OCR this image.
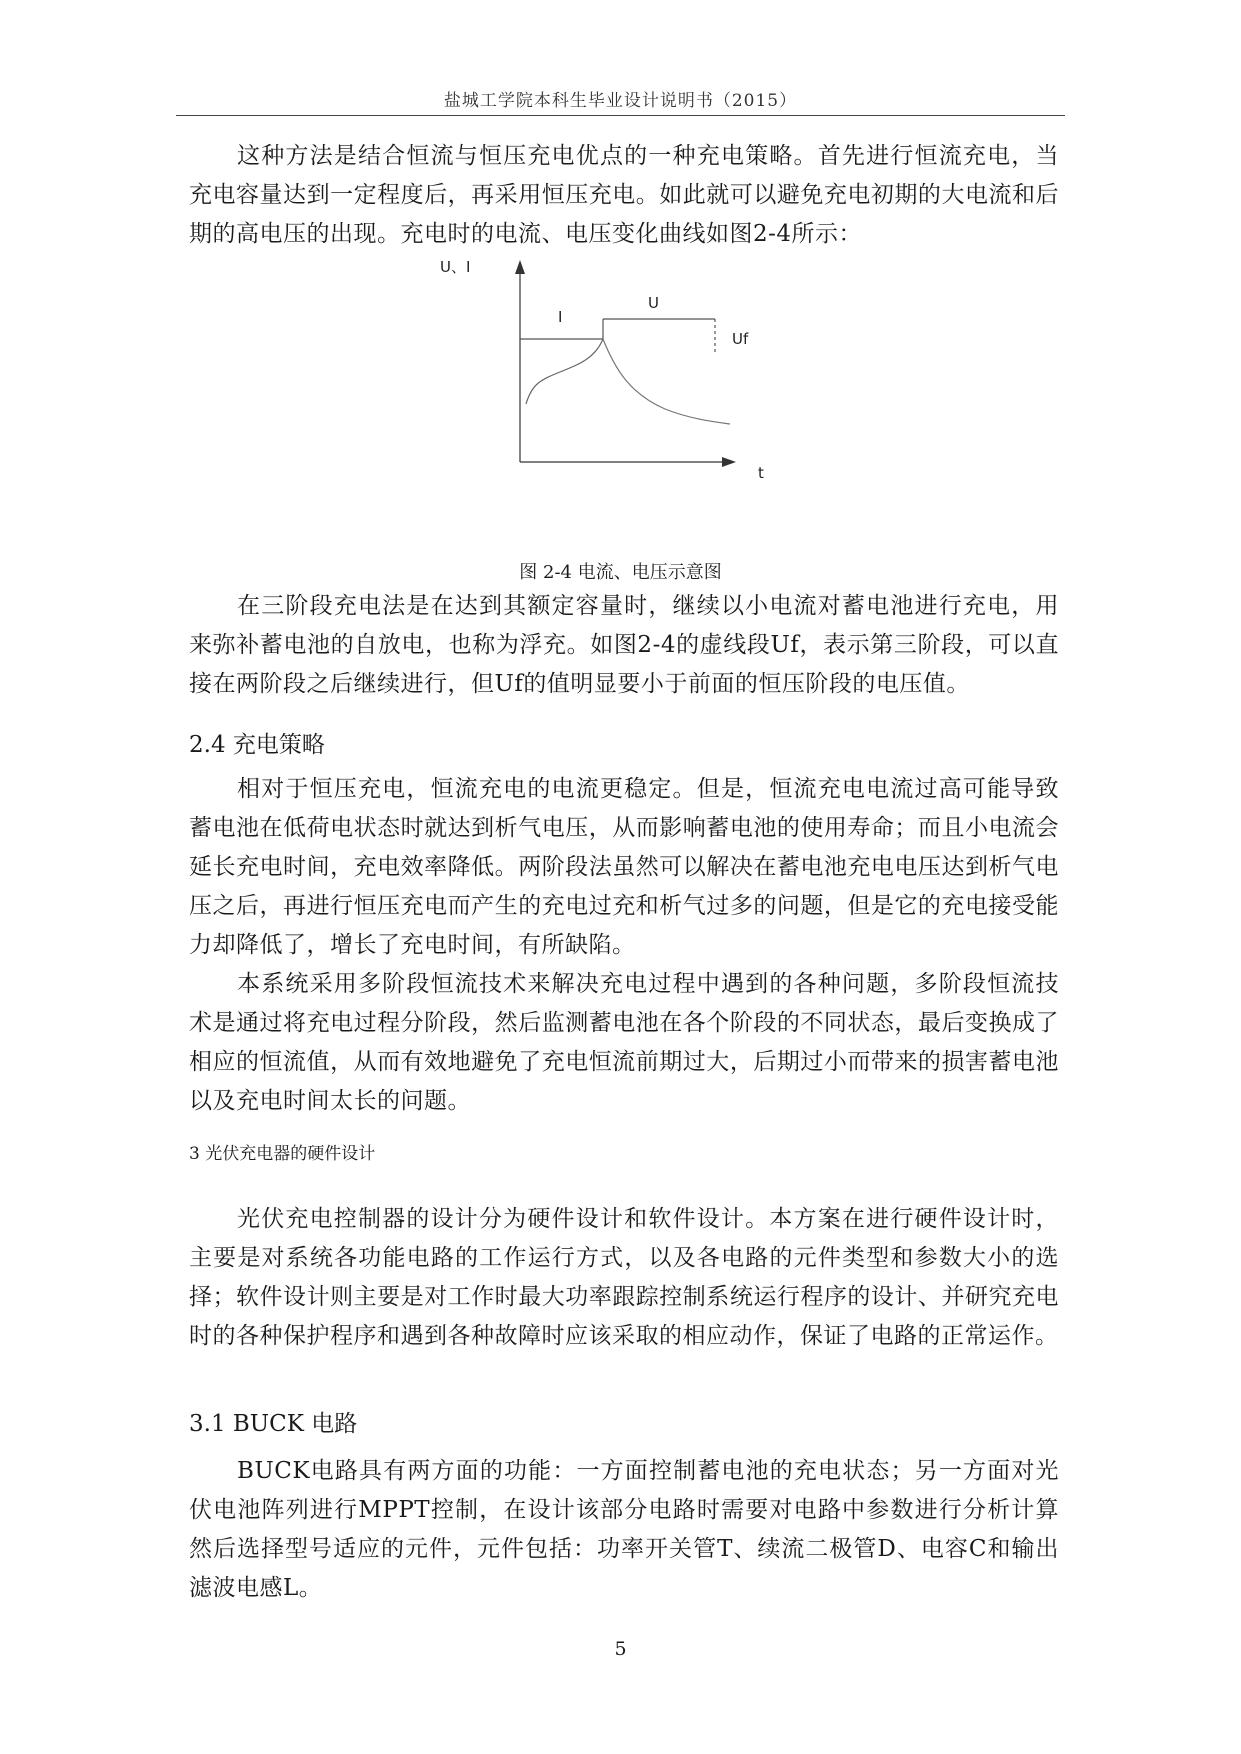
盐城工学院本科生毕业设计说明书（2015）

这种方法是结合恒流与恒压充电优点的一种充电策略。首先进行恒流充电，当充电容量达到一定程度后，再采用恒压充电。如此就可以避免充电初期的大电流和后期的高电压的出现。充电时的电流、电压变化曲线如图2-4所示：

U、I
I
U
Uf
t
图 2-4 电流、电压示意图

在三阶段充电法是在达到其额定容量时，继续以小电流对蓄电池进行充电，用来弥补蓄电池的自放电，也称为浮充。如图2-4的虚线段Uf，表示第三阶段，可以直接在两阶段之后继续进行，但Uf的值明显要小于前面的恒压阶段的电压值。

2.4 充电策略

相对于恒压充电，恒流充电的电流更稳定。但是，恒流充电电流过高可能导致蓄电池在低荷电状态时就达到析气电压，从而影响蓄电池的使用寿命；而且小电流会延长充电时间，充电效率降低。两阶段法虽然可以解决在蓄电池充电电压达到析气电压之后，再进行恒压充电而产生的充电过充和析气过多的问题，但是它的充电接受能力却降低了，增长了充电时间，有所缺陷。

本系统采用多阶段恒流技术来解决充电过程中遇到的各种问题，多阶段恒流技术是通过将充电过程分阶段，然后监测蓄电池在各个阶段的不同状态，最后变换成了相应的恒流值，从而有效地避免了充电恒流前期过大，后期过小而带来的损害蓄电池以及充电时间太长的问题。

3 光伏充电器的硬件设计

光伏充电控制器的设计分为硬件设计和软件设计。本方案在进行硬件设计时，主要是对系统各功能电路的工作运行方式，以及各电路的元件类型和参数大小的选择；软件设计则主要是对工作时最大功率跟踪控制系统运行程序的设计、并研究充电时的各种保护程序和遇到各种故障时应该采取的相应动作，保证了电路的正常运作。

3.1 BUCK 电路

BUCK电路具有两方面的功能：一方面控制蓄电池的充电状态；另一方面对光伏电池阵列进行MPPT控制，在设计该部分电路时需要对电路中参数进行分析计算然后选择型号适应的元件，元件包括：功率开关管T、续流二极管D、电容C和输出滤波电感L。

5
